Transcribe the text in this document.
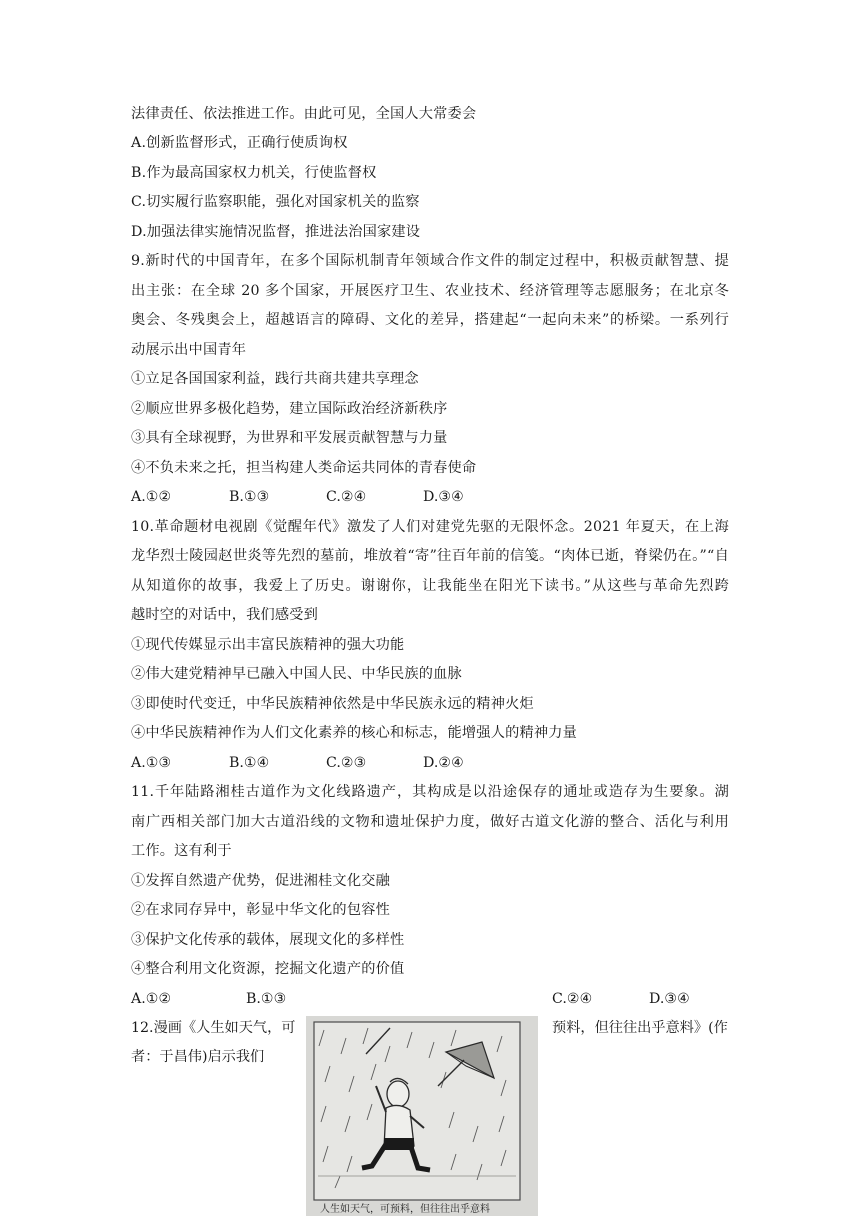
法律责任、依法推进工作。由此可见，全国人大常委会
A.创新监督形式，正确行使质询权
B.作为最高国家权力机关，行使监督权
C.切实履行监察职能，强化对国家机关的监察
D.加强法律实施情况监督，推进法治国家建设
9.新时代的中国青年，在多个国际机制青年领域合作文件的制定过程中，积极贡献智慧、提
出主张：在全球 20 多个国家，开展医疗卫生、农业技术、经济管理等志愿服务；在北京冬
奥会、冬残奥会上，超越语言的障碍、文化的差异，搭建起“一起向未来”的桥梁。一系列行
动展示出中国青年
①立足各国国家利益，践行共商共建共享理念
②顺应世界多极化趋势，建立国际政治经济新秩序
③具有全球视野，为世界和平发展贡献智慧与力量
④不负未来之托，担当构建人类命运共同体的青春使命
A.①②	B.①③	C.②④	D.③④
10.革命题材电视剧《觉醒年代》激发了人们对建党先驱的无限怀念。2021 年夏天，在上海
龙华烈士陵园赵世炎等先烈的墓前，堆放着“寄”往百年前的信笺。“肉体已逝，脊梁仍在。”“自
从知道你的故事，我爱上了历史。谢谢你，让我能坐在阳光下读书。”从这些与革命先烈跨
越时空的对话中，我们感受到
①现代传媒显示出丰富民族精神的强大功能
②伟大建党精神早已融入中国人民、中华民族的血脉
③即使时代变迁，中华民族精神依然是中华民族永远的精神火炬
④中华民族精神作为人们文化素养的核心和标志，能增强人的精神力量
A.①③	B.①④	C.②③	D.②④
11.千年陆路湘桂古道作为文化线路遗产，其构成是以沿途保存的通址或造存为生要象。湖
南广西相关部门加大古道沿线的文物和遗址保护力度，做好古道文化游的整合、活化与利用
工作。这有利于
①发挥自然遗产优势，促进湘桂文化交融
②在求同存异中，彰显中华文化的包容性
③保护文化传承的载体，展现文化的多样性
④整合利用文化资源，挖掘文化遗产的价值
A.①②	B.①③	C.②④	D.③④
12.漫画《人生如天气，可	预料，但往往出乎意料》(作
者：于昌伟)启示我们
人生如天气，可预料，但往往出乎意料
